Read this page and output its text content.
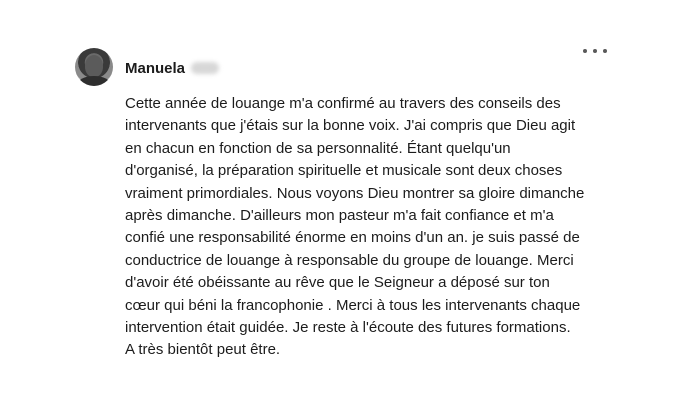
Manuela

Cette année de louange m'a confirmé au travers des conseils des
intervenants que j'étais sur la bonne voix. J'ai compris que Dieu agit
en chacun en fonction de sa personnalité. Étant quelqu'un
d'organisé, la préparation spirituelle et musicale sont deux choses
vraiment primordiales. Nous voyons Dieu montrer sa gloire dimanche
après dimanche. D'ailleurs mon pasteur m'a fait confiance et m'a
confié une responsabilité énorme en moins d'un an. je suis passé de
conductrice de louange à responsable du groupe de louange. Merci
d'avoir été obéissante au rêve que le Seigneur a déposé sur ton
cœur qui béni la francophonie . Merci à tous les intervenants chaque
intervention était guidée. Je reste à l'écoute des futures formations.
A très bientôt peut être.
